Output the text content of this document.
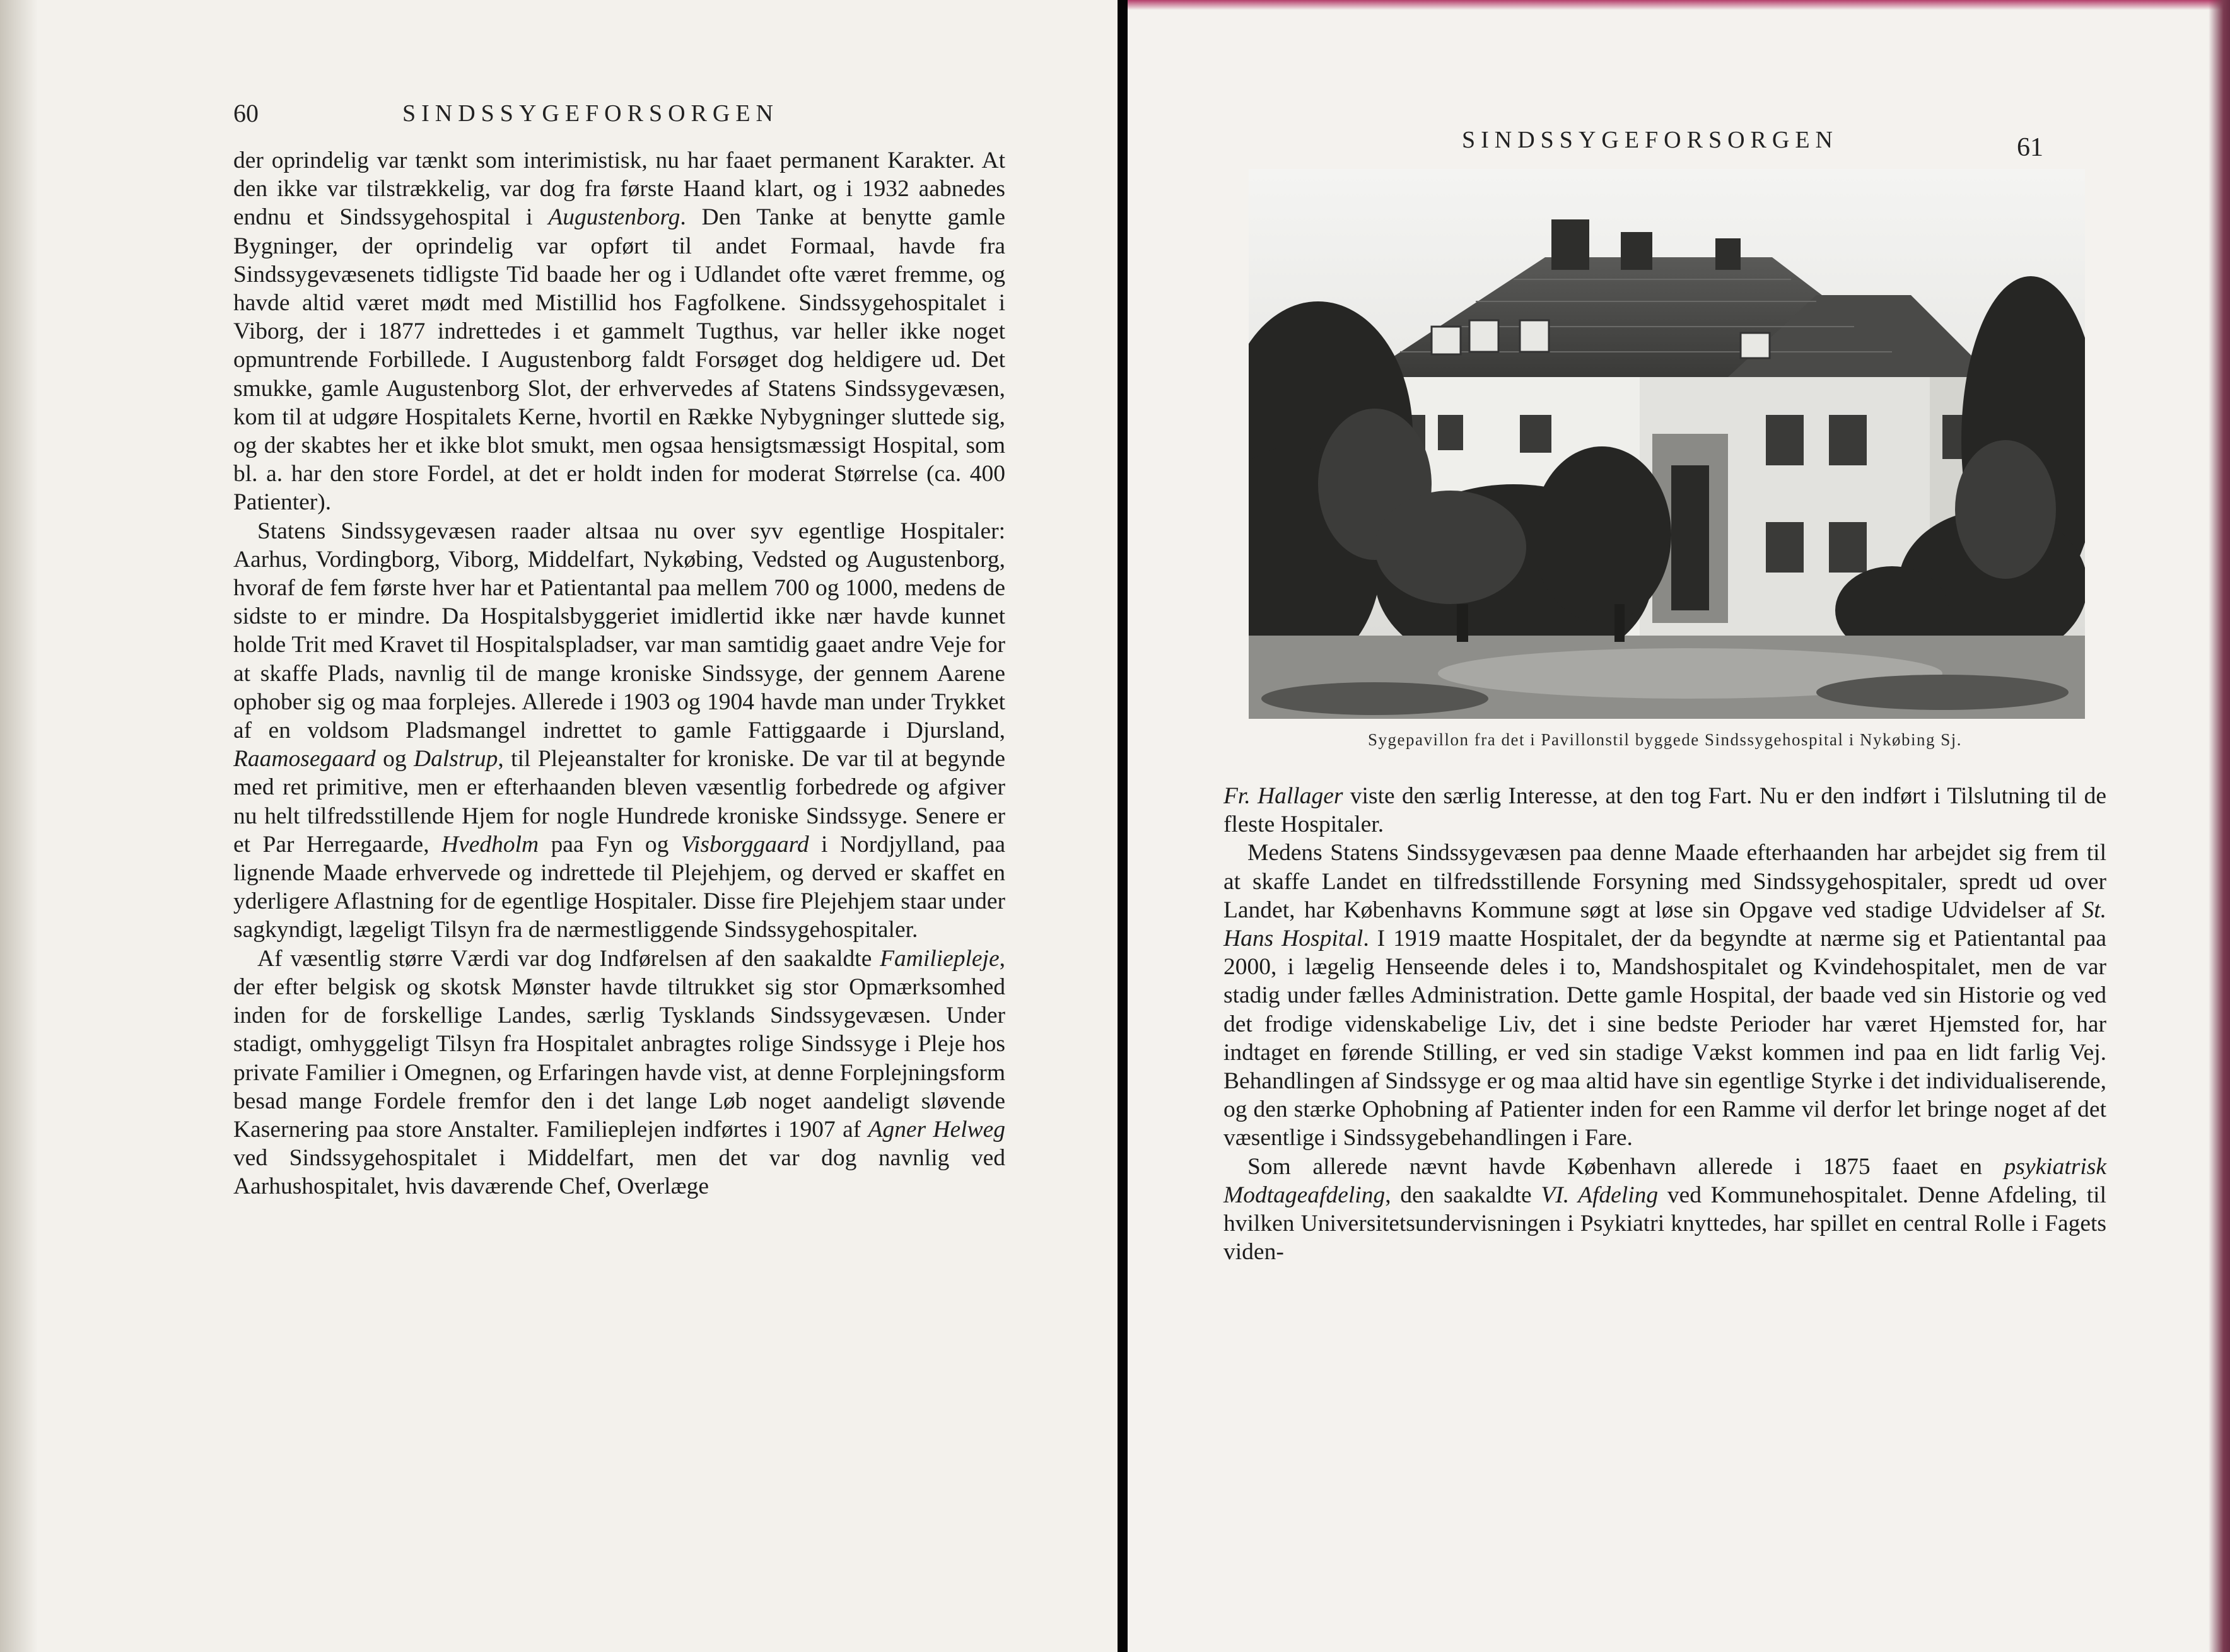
60	SINDSSYGEFORSORGEN

der oprindelig var tænkt som interimistisk, nu har faaet permanent Karakter. At den ikke var tilstrækkelig, var dog fra første Haand klart, og i 1932 aabnedes endnu et Sindssygehospital i Augustenborg. Den Tanke at benytte gamle Bygninger, der oprindelig var opført til andet Formaal, havde fra Sindssygevæsenets tidligste Tid baade her og i Udlandet ofte været fremme, og havde altid været mødt med Mistillid hos Fagfolkene. Sindssygehospitalet i Viborg, der i 1877 indrettedes i et gammelt Tugthus, var heller ikke noget opmuntrende Forbillede. I Augustenborg faldt Forsøget dog heldigere ud. Det smukke, gamle Augustenborg Slot, der erhvervedes af Statens Sindssygevæsen, kom til at udgøre Hospitalets Kerne, hvortil en Række Nybygninger sluttede sig, og der skabtes her et ikke blot smukt, men ogsaa hensigtsmæssigt Hospital, som bl. a. har den store Fordel, at det er holdt inden for moderat Størrelse (ca. 400 Patienter).

Statens Sindssygevæsen raader altsaa nu over syv egentlige Hospitaler: Aarhus, Vordingborg, Viborg, Middelfart, Nykøbing, Vedsted og Augustenborg, hvoraf de fem første hver har et Patientantal paa mellem 700 og 1000, medens de sidste to er mindre. Da Hospitalsbyggeriet imidlertid ikke nær havde kunnet holde Trit med Kravet til Hospitalspladser, var man samtidig gaaet andre Veje for at skaffe Plads, navnlig til de mange kroniske Sindssyge, der gennem Aarene ophober sig og maa forplejes. Allerede i 1903 og 1904 havde man under Trykket af en voldsom Pladsmangel indrettet to gamle Fattiggaarde i Djursland, Raamosegaard og Dalstrup, til Plejeanstalter for kroniske. De var til at begynde med ret primitive, men er efterhaanden bleven væsentlig forbedrede og afgiver nu helt tilfredsstillende Hjem for nogle Hundrede kroniske Sindssyge. Senere er et Par Herregaarde, Hvedholm paa Fyn og Visborggaard i Nordjylland, paa lignende Maade erhvervede og indrettede til Plejehjem, og derved er skaffet en yderligere Aflastning for de egentlige Hospitaler. Disse fire Plejehjem staar under sagkyndigt, lægeligt Tilsyn fra de nærmestliggende Sindssygehospitaler.

Af væsentlig større Værdi var dog Indførelsen af den saakaldte Familiepleje, der efter belgisk og skotsk Mønster havde tiltrukket sig stor Opmærksomhed inden for de forskellige Landes, særlig Tysklands Sindssygevæsen. Under stadigt, omhyggeligt Tilsyn fra Hospitalet anbragtes rolige Sindssyge i Pleje hos private Familier i Omegnen, og Erfaringen havde vist, at denne Forplejningsform besad mange Fordele fremfor den i det lange Løb noget aandeligt sløvende Kasernering paa store Anstalter. Familieplejen indførtes i 1907 af Agner Helweg ved Sindssygehospitalet i Middelfart, men det var dog navnlig ved Aarhushospitalet, hvis daværende Chef, Overlæge

SINDSSYGEFORSORGEN	61
Sygepavillon fra det i Pavillonstil byggede Sindssygehospital i Nykøbing Sj.

Fr. Hallager viste den særlig Interesse, at den tog Fart. Nu er den indført i Tilslutning til de fleste Hospitaler.

Medens Statens Sindssygevæsen paa denne Maade efterhaanden har arbejdet sig frem til at skaffe Landet en tilfredsstillende Forsyning med Sindssygehospitaler, spredt ud over Landet, har Københavns Kommune søgt at løse sin Opgave ved stadige Udvidelser af St. Hans Hospital. I 1919 maatte Hospitalet, der da begyndte at nærme sig et Patientantal paa 2000, i lægelig Henseende deles i to, Mandshospitalet og Kvindehospitalet, men de var stadig under fælles Administration. Dette gamle Hospital, der baade ved sin Historie og ved det frodige videnskabelige Liv, det i sine bedste Perioder har været Hjemsted for, har indtaget en førende Stilling, er ved sin stadige Vækst kommen ind paa en lidt farlig Vej. Behandlingen af Sindssyge er og maa altid have sin egentlige Styrke i det individualiserende, og den stærke Ophobning af Patienter inden for een Ramme vil derfor let bringe noget af det væsentlige i Sindssygebehandlingen i Fare.

Som allerede nævnt havde København allerede i 1875 faaet en psykiatrisk Modtageafdeling, den saakaldte VI. Afdeling ved Kommunehospitalet. Denne Afdeling, til hvilken Universitetsundervisningen i Psykiatri knyttedes, har spillet en central Rolle i Fagets viden-
